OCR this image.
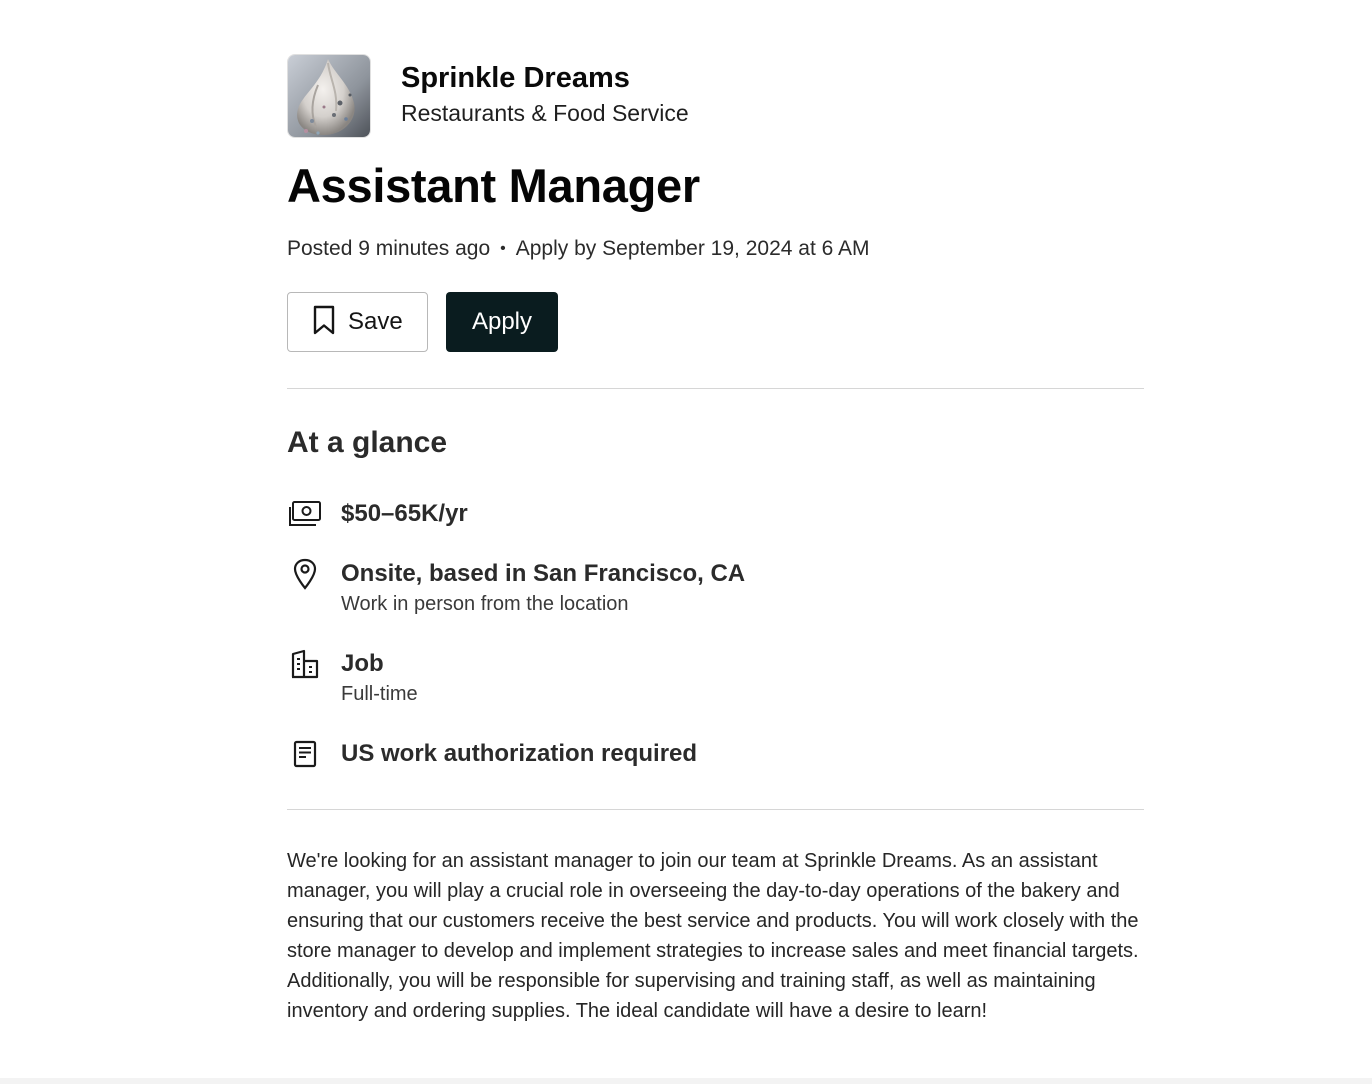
Sprinkle Dreams
Restaurants & Food Service
Assistant Manager
Posted 9 minutes ago • Apply by September 19, 2024 at 6 AM
Save	Apply
At a glance
$50–65K/yr
Onsite, based in San Francisco, CA
Work in person from the location
Job
Full-time
US work authorization required

We're looking for an assistant manager to join our team at Sprinkle Dreams. As an assistant manager, you will play a crucial role in overseeing the day-to-day operations of the bakery and ensuring that our customers receive the best service and products. You will work closely with the store manager to develop and implement strategies to increase sales and meet financial targets. Additionally, you will be responsible for supervising and training staff, as well as maintaining inventory and ordering supplies. The ideal candidate will have a desire to learn!
